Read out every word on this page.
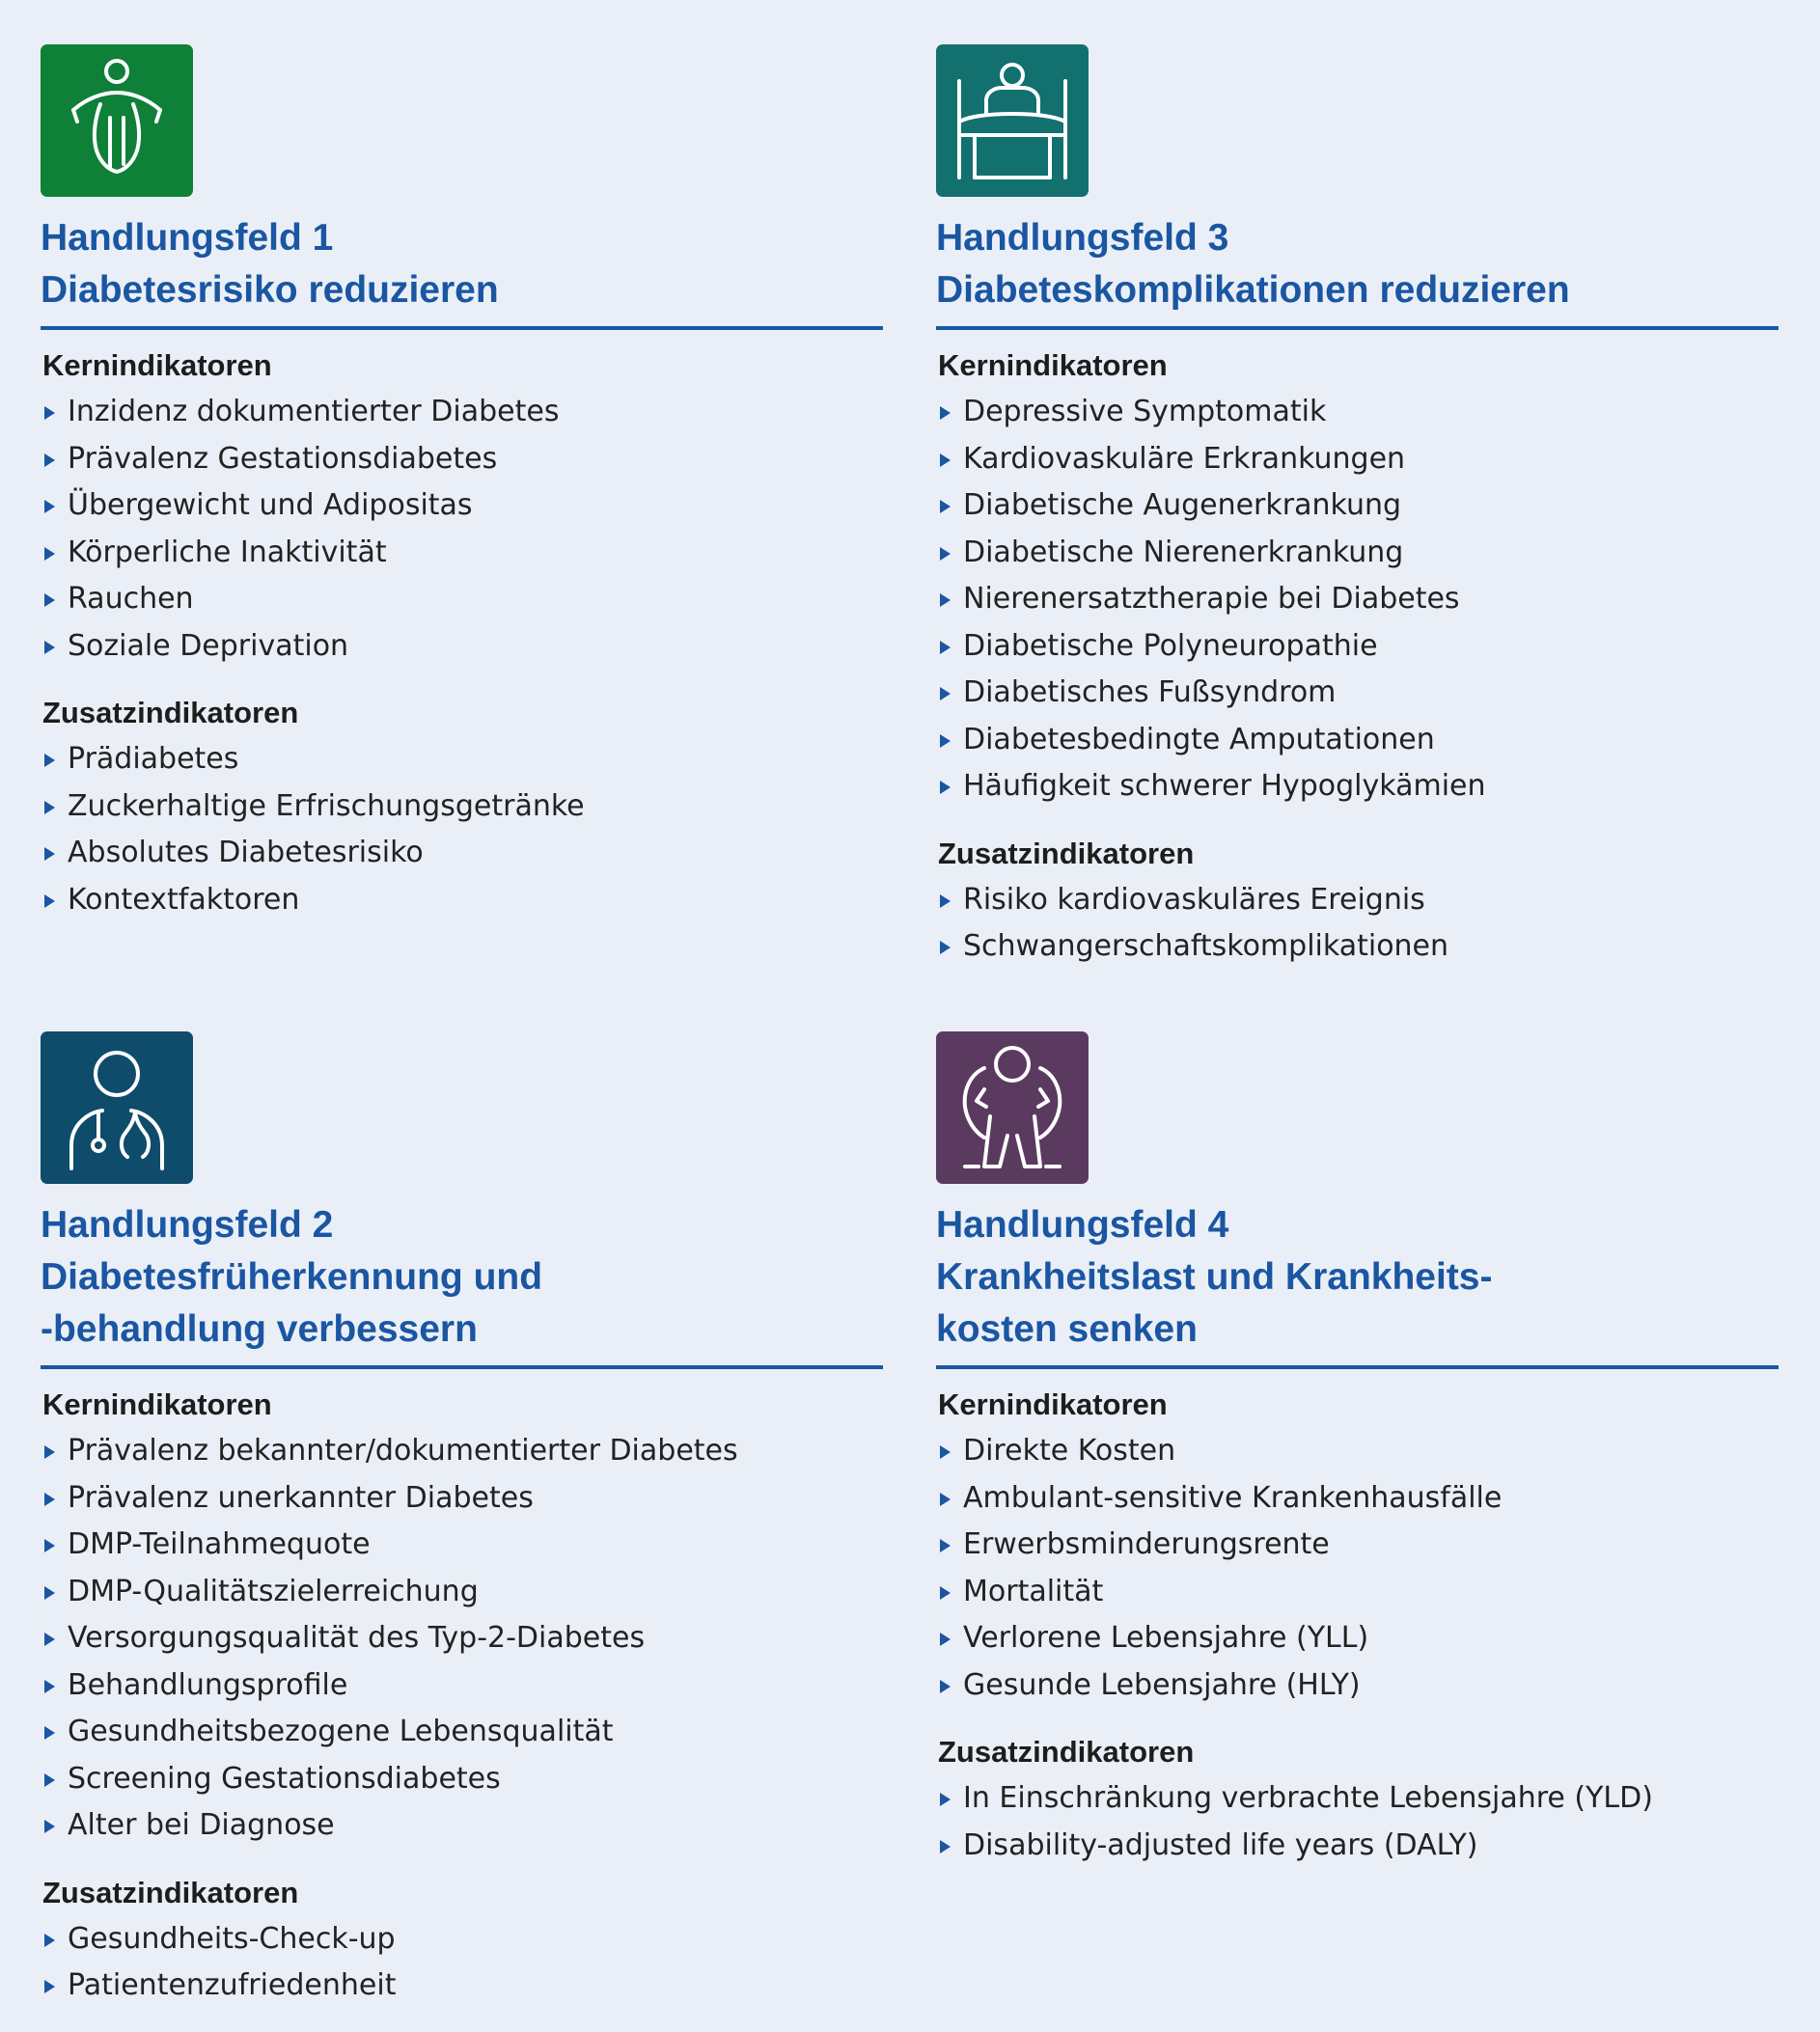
Handlungsfeld 1
Diabetesrisiko reduzieren
Kernindikatoren
Inzidenz dokumentierter Diabetes
Prävalenz Gestationsdiabetes
Übergewicht und Adipositas
Körperliche Inaktivität
Rauchen
Soziale Deprivation
Zusatzindikatoren
Prädiabetes
Zuckerhaltige Erfrischungsgetränke
Absolutes Diabetesrisiko
Kontextfaktoren
Handlungsfeld 3
Diabeteskomplikationen reduzieren
Kernindikatoren
Depressive Symptomatik
Kardiovaskuläre Erkrankungen
Diabetische Augenerkrankung
Diabetische Nierenerkrankung
Nierenersatztherapie bei Diabetes
Diabetische Polyneuropathie
Diabetisches Fußsyndrom
Diabetesbedingte Amputationen
Häufigkeit schwerer Hypoglykämien
Zusatzindikatoren
Risiko kardiovaskuläres Ereignis
Schwangerschaftskomplikationen
Handlungsfeld 2
Diabetesfrüherkennung und
-behandlung verbessern
Kernindikatoren
Prävalenz bekannter/dokumentierter Diabetes
Prävalenz unerkannter Diabetes
DMP-Teilnahmequote
DMP-Qualitätszielerreichung
Versorgungsqualität des Typ-2-Diabetes
Behandlungsprofile
Gesundheitsbezogene Lebensqualität
Screening Gestationsdiabetes
Alter bei Diagnose
Zusatzindikatoren
Gesundheits-Check-up
Patientenzufriedenheit
Handlungsfeld 4
Krankheitslast und Krankheits-
kosten senken
Kernindikatoren
Direkte Kosten
Ambulant-sensitive Krankenhausfälle
Erwerbsminderungsrente
Mortalität
Verlorene Lebensjahre (YLL)
Gesunde Lebensjahre (HLY)
Zusatzindikatoren
In Einschränkung verbrachte Lebensjahre (YLD)
Disability-adjusted life years (DALY)
